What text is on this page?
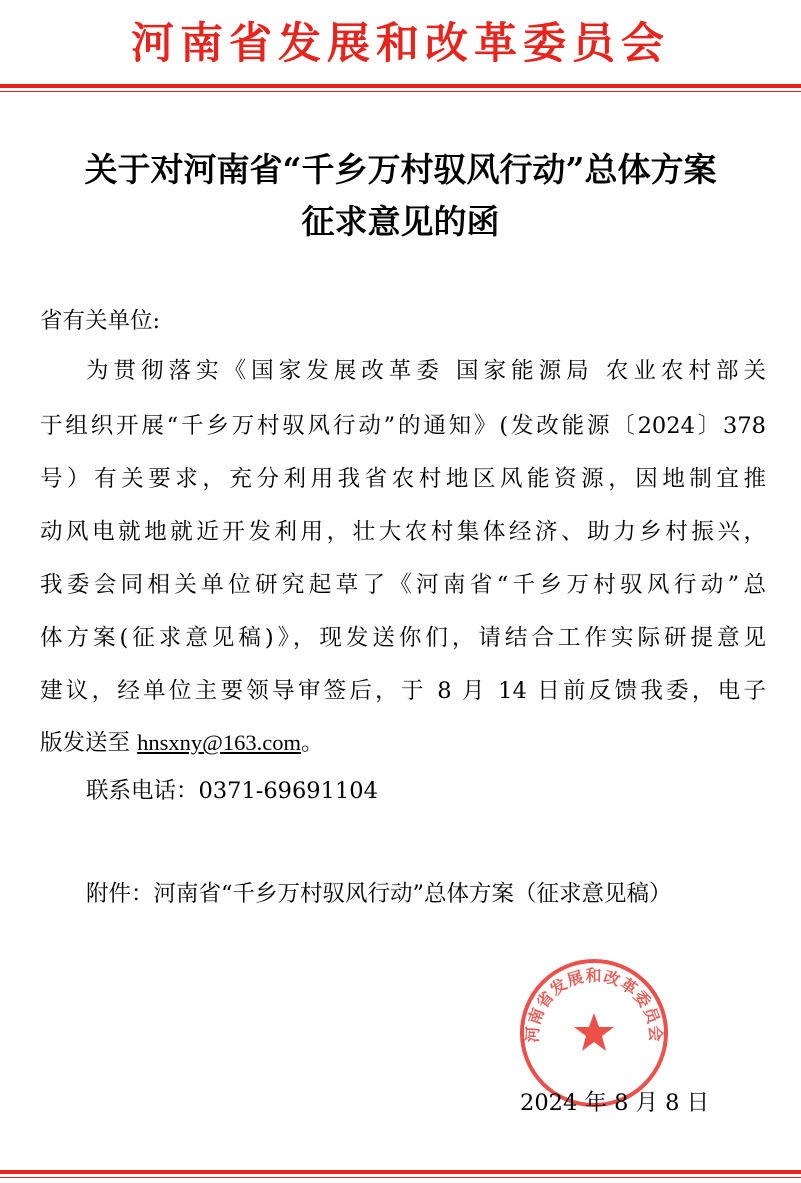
河南省发展和改革委员会
关于对河南省“千乡万村驭风行动”总体方案
征求意见的函
省有关单位:
为贯彻落实《国家发展改革委 国家能源局 农业农村部关
于组织开展“千乡万村驭风行动”的通知》(发改能源〔2024〕378
号）有关要求，充分利用我省农村地区风能资源，因地制宜推
动风电就地就近开发利用，壮大农村集体经济、助力乡村振兴，
我委会同相关单位研究起草了《河南省“千乡万村驭风行动”总
体方案(征求意见稿)》，现发送你们，请结合工作实际研提意见
建议，经单位主要领导审签后，于 8 月 14 日前反馈我委，电子
版发送至 hnsxny@163.com。
联系电话：0371-69691104
附件：河南省“千乡万村驭风行动”总体方案（征求意见稿）
河南省发展和改革委员会
2024 年 8 月 8 日
